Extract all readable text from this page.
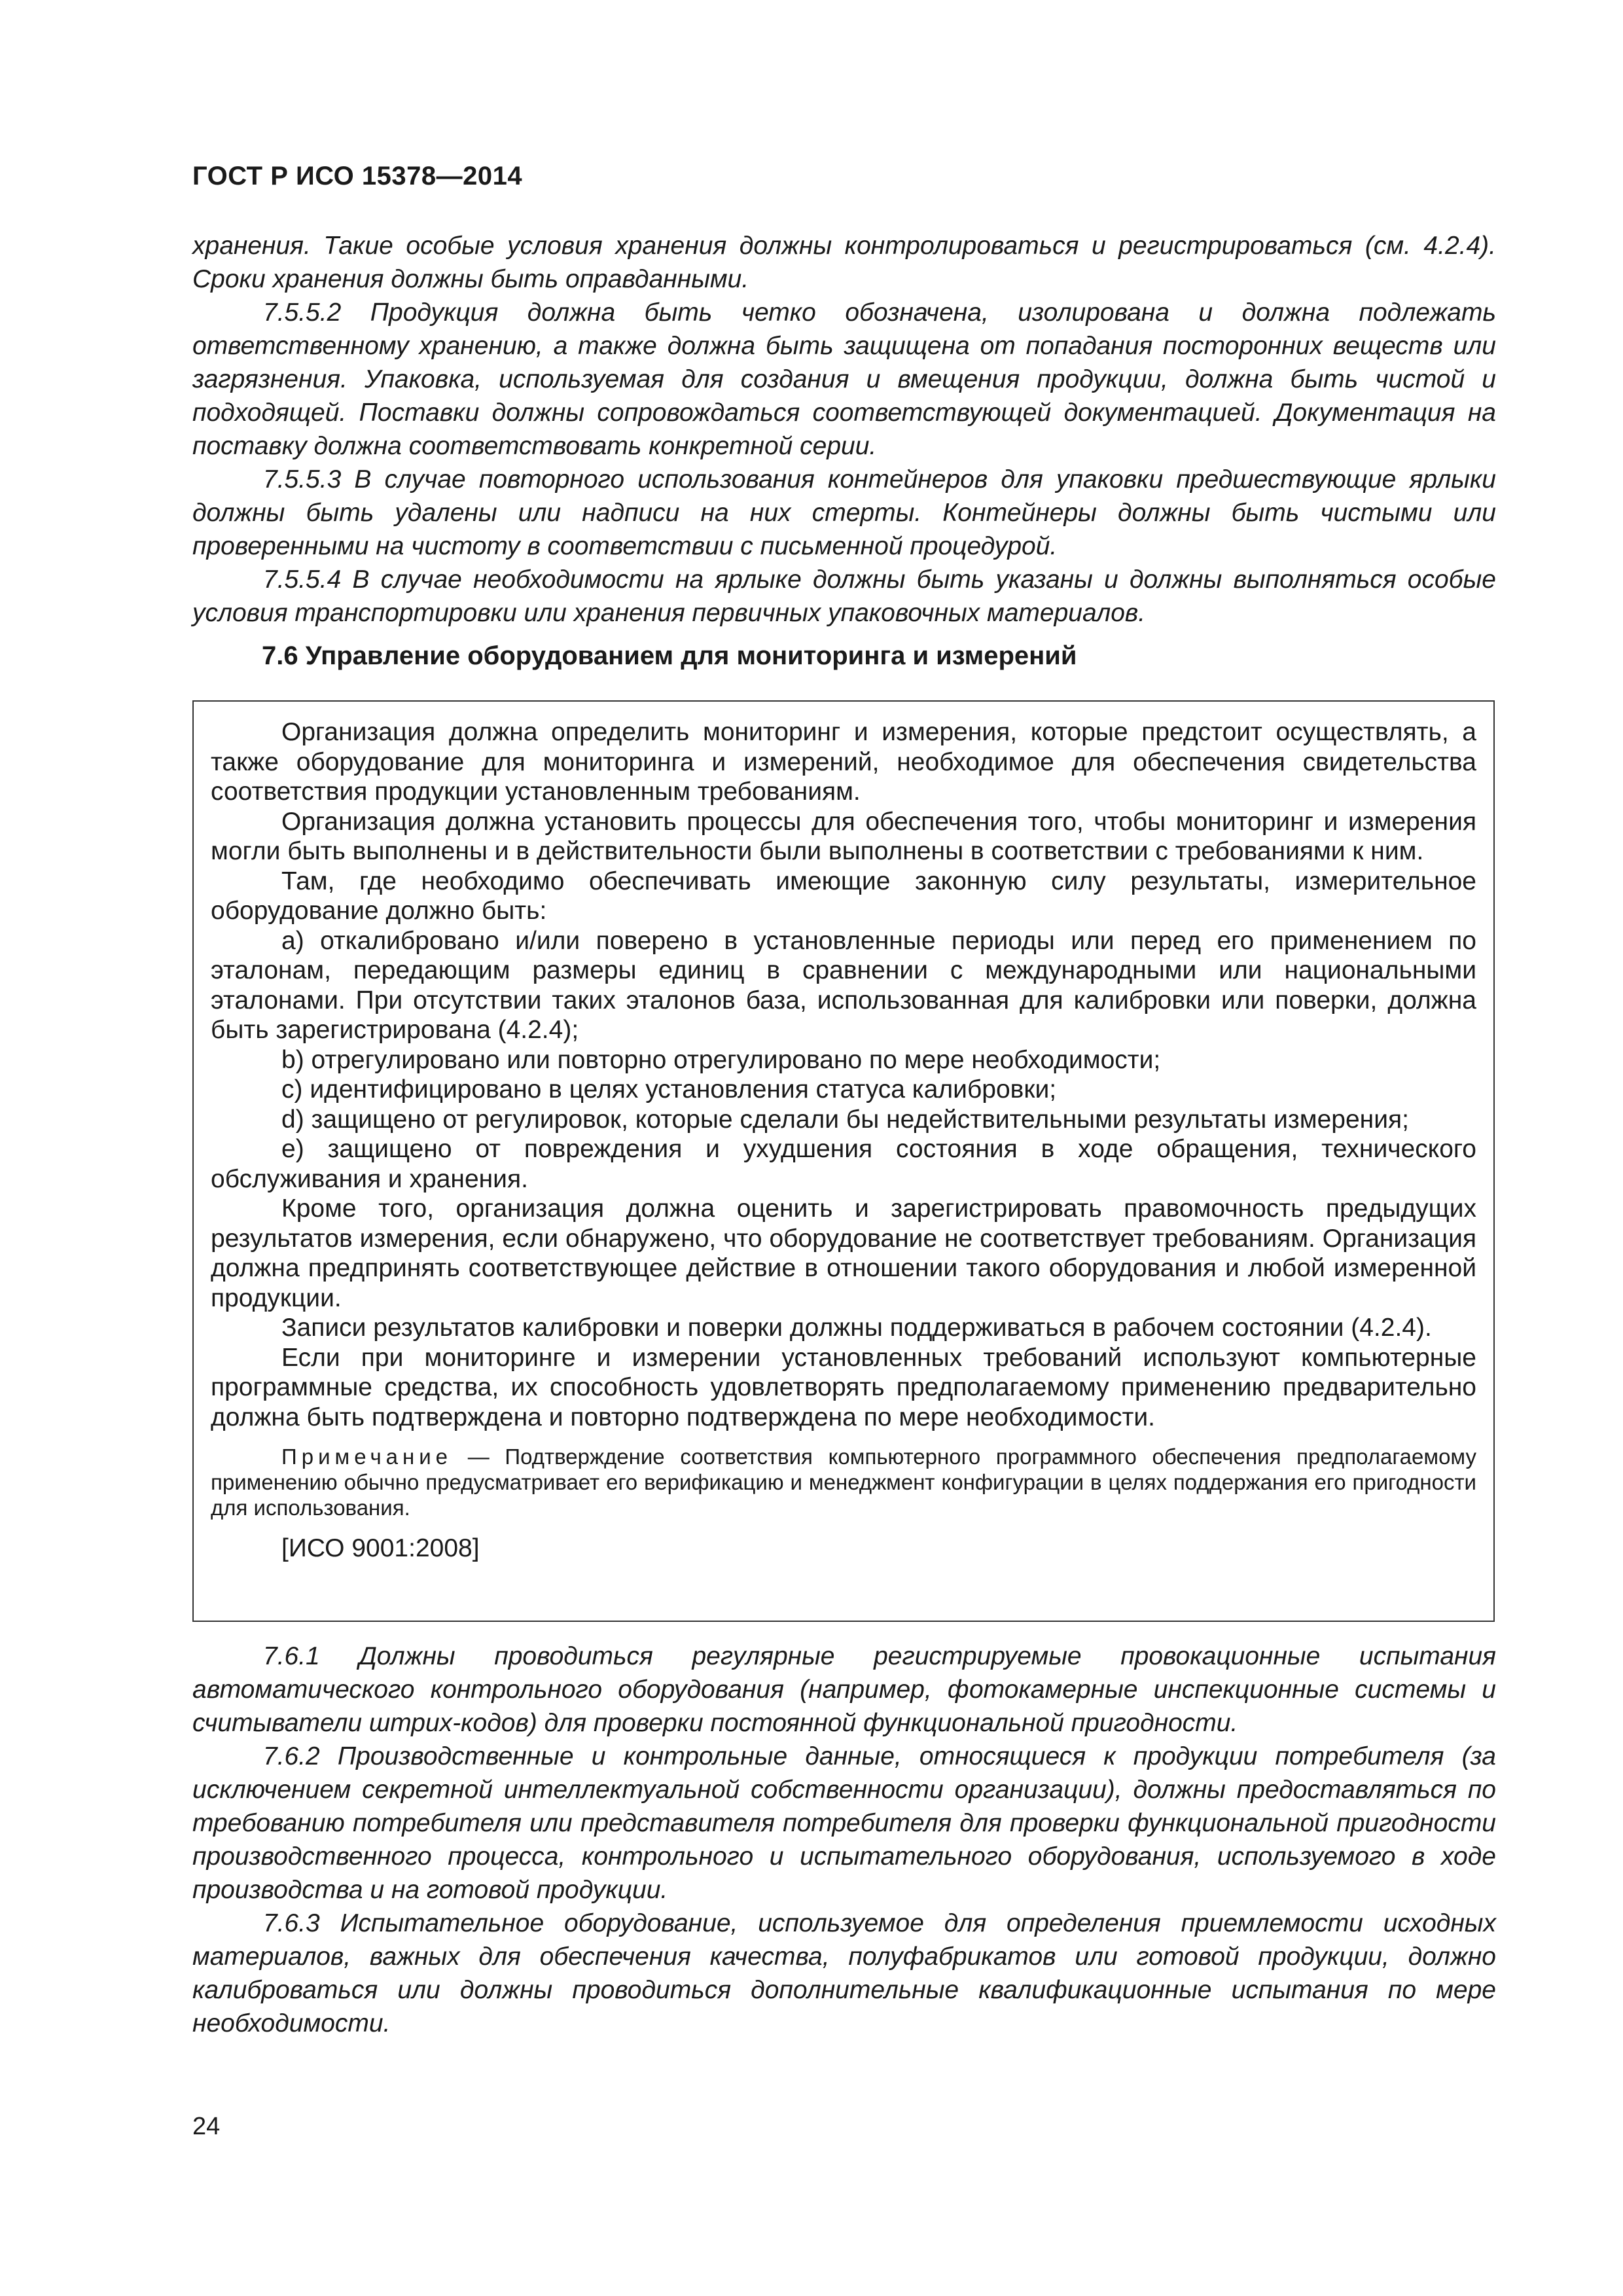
ГОСТ Р ИСО 15378—2014

хранения. Такие особые условия хранения должны контролироваться и регистрироваться (см. 4.2.4). Сроки хранения должны быть оправданными.

7.5.5.2 Продукция должна быть четко обозначена, изолирована и должна подлежать ответственному хранению, а также должна быть защищена от попадания посторонних веществ или загрязнения. Упаковка, используемая для создания и вмещения продукции, должна быть чистой и подходящей. Поставки должны сопровождаться соответствующей документацией. Документация на поставку должна соответствовать конкретной серии.

7.5.5.3 В случае повторного использования контейнеров для упаковки предшествующие ярлыки должны быть удалены или надписи на них стерты. Контейнеры должны быть чистыми или провеpенными на чистоту в соответствии с письменной процедурой.

7.5.5.4 В случае необходимости на ярлыке должны быть указаны и должны выполняться особые условия транспортировки или хранения первичных упаковочных материалов.

7.6 Управление оборудованием для мониторинга и измерений

Организация должна определить мониторинг и измерения, которые предстоит осуществлять, а также оборудование для мониторинга и измерений, необходимое для обеспечения свидетельства соответствия продукции установленным требованиям.

Организация должна установить процессы для обеспечения того, чтобы мониторинг и измерения могли быть выполнены и в действительности были выполнены в соответствии с требованиями к ним.

Там, где необходимо обеспечивать имеющие законную силу результаты, измерительное оборудование должно быть:

а) откалибровано и/или поверено в установленные периоды или перед его применением по эталонам, передающим размеры единиц в сравнении с международными или национальными эталонами. При отсутствии таких эталонов база, использованная для калибровки или поверки, должна быть зарегистрирована (4.2.4);

b) отрегулировано или повторно отрегулировано по мере необходимости;

с) идентифицировано в целях установления статуса калибровки;

d) защищено от регулировок, которые сделали бы недействительными результаты измерения;

e) защищено от повреждения и ухудшения состояния в ходе обращения, технического обслуживания и хранения.

Кроме того, организация должна оценить и зарегистрировать правомочность предыдущих результатов измерения, если обнаружено, что оборудование не соответствует требованиям. Организация должна предпринять соответствующее действие в отношении такого оборудования и любой измеренной продукции.

Записи результатов калибровки и поверки должны поддерживаться в рабочем состоянии (4.2.4).

Если при мониторинге и измерении установленных требований используют компьютерные программные средства, их способность удовлетворять предполагаемому применению предварительно должна быть подтверждена и повторно подтверждена по мере необходимости.

Примечание — Подтверждение соответствия компьютерного программного обеспечения предполагаемому применению обычно предусматривает его верификацию и менеджмент конфигурации в целях поддержания его пригодности для использования.

[ИСО 9001:2008]

7.6.1 Должны проводиться регулярные регистрируемые провокационные испытания автоматического контрольного оборудования (например, фотокамерные инспекционные системы и считыватели штрих-кодов) для проверки постоянной функциональной пригодности.

7.6.2 Производственные и контрольные данные, относящиеся к продукции потребителя (за исключением секретной интеллектуальной собственности организации), должны предоставляться по требованию потребителя или представителя потребителя для проверки функциональной пригодности производственного процесса, контрольного и испытательного оборудования, используемого в ходе производства и на готовой продукции.

7.6.3 Испытательное оборудование, используемое для определения приемлемости исходных материалов, важных для обеспечения качества, полуфабрикатов или готовой продукции, должно калиброваться или должны проводиться дополнительные квалификационные испытания по мере необходимости.

24
